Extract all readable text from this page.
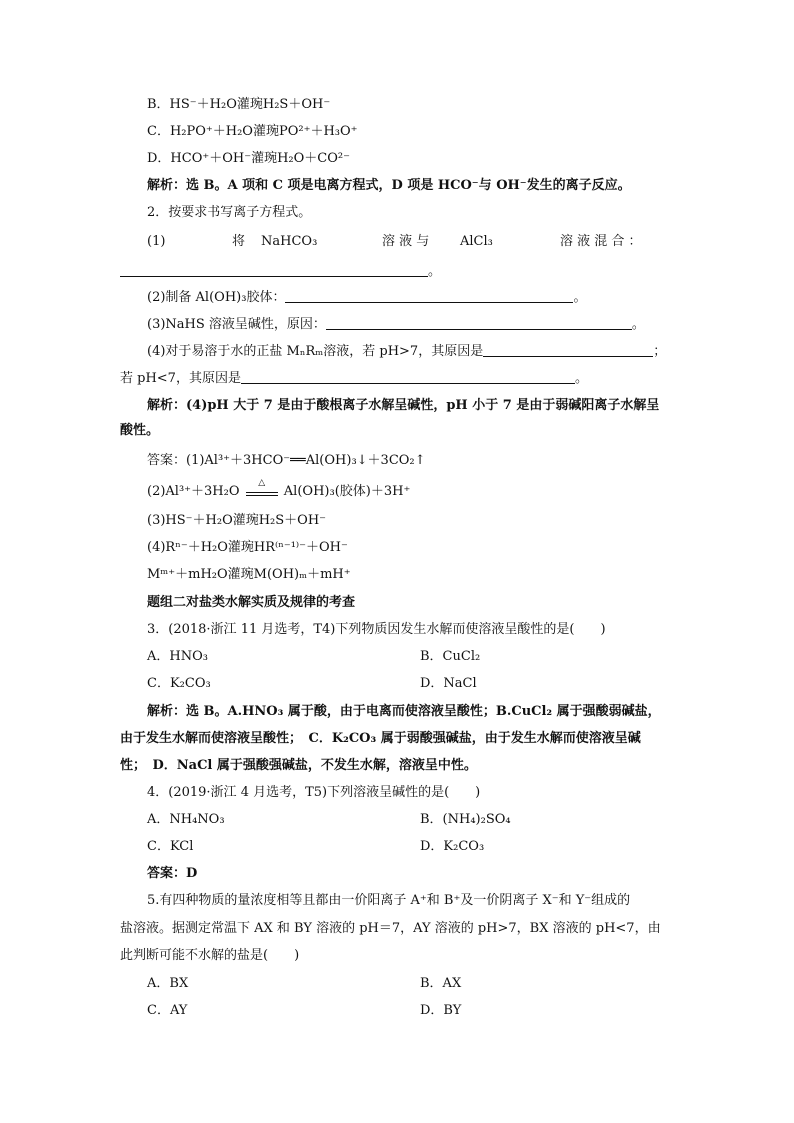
B．HS⁻＋H₂O灌琬H₂S＋OH⁻
C．H₂PO⁺＋H₂O灌琬PO²⁺＋H₃O⁺
D．HCO⁺＋OH⁻灌琬H₂O＋CO²⁻
解析：选 B。A 项和 C 项是电离方程式，D 项是 HCO⁻与 OH⁻发生的离子反应。
2．按要求书写离子方程式。
(1)	将 NaHCO₃	溶 液 与 AlCl₃	溶 液 混 合 ：
。
(2)制备 Al(OH)₃胶体：	。
(3)NaHS 溶液呈碱性，原因：	。
(4)对于易溶于水的正盐 MₙRₘ溶液，若 pH>7，其原因是	；
若 pH<7，其原因是	。
解析：(4)pH 大于 7 是由于酸根离子水解呈碱性，pH 小于 7 是由于弱碱阳离子水解呈
酸性。
答案：(1)Al³⁺＋3HCO⁻══Al(OH)₃↓＋3CO₂↑
(2)Al³⁺＋3H₂O
△
Al(OH)₃(胶体)＋3H⁺
(3)HS⁻＋H₂O灌琬H₂S＋OH⁻
(4)Rⁿ⁻＋H₂O灌琬HR⁽ⁿ⁻¹⁾⁻＋OH⁻
Mᵐ⁺＋mH₂O灌琬M(OH)ₘ＋mH⁺
题组二对盐类水解实质及规律的考查
3．(2018·浙江 11 月选考，T4)下列物质因发生水解而使溶液呈酸性的是(　　)
A．HNO₃	B．CuCl₂
C．K₂CO₃	D．NaCl
解析：选 B。A.HNO₃ 属于酸，由于电离而使溶液呈酸性；B.CuCl₂ 属于强酸弱碱盐，
由于发生水解而使溶液呈酸性；　C．K₂CO₃ 属于弱酸强碱盐，由于发生水解而使溶液呈碱
性；　D．NaCl 属于强酸强碱盐，不发生水解，溶液呈中性。
4．(2019·浙江 4 月选考，T5)下列溶液呈碱性的是(　　)
A．NH₄NO₃	B．(NH₄)₂SO₄
C．KCl	D．K₂CO₃
答案：D
5.有四种物质的量浓度相等且都由一价阳离子 A⁺和 B⁺及一价阴离子 X⁻和 Y⁻组成的
盐溶液。据测定常温下 AX 和 BY 溶液的 pH＝7，AY 溶液的 pH>7，BX 溶液的 pH<7，由
此判断可能不水解的盐是(　　)
A．BX	B．AX
C．AY	D．BY
